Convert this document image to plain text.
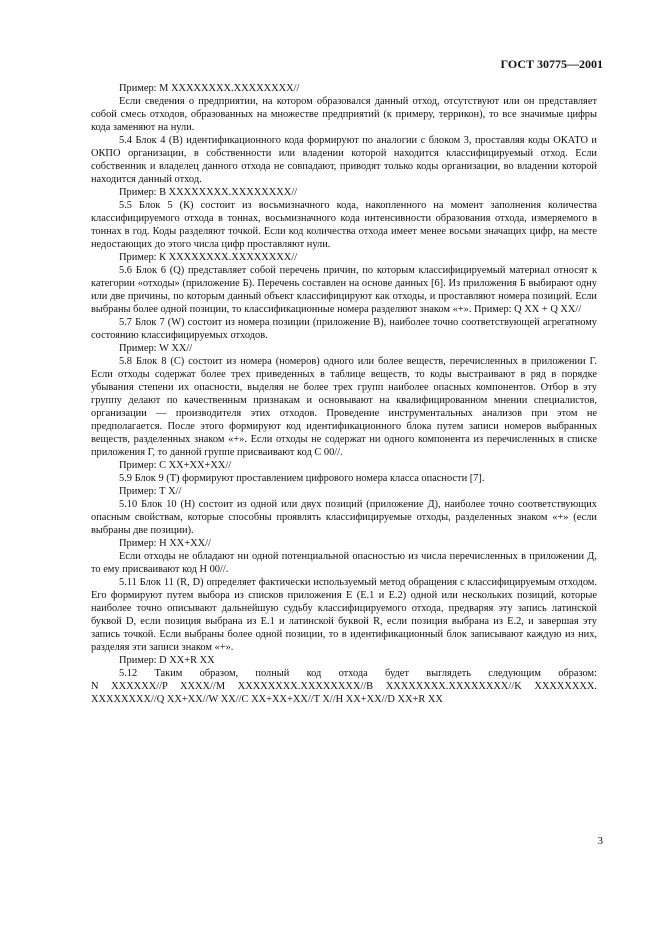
ГОСТ 30775—2001

Пример: М XXXXXXXX.XXXXXXXX//

Если сведения о предприятии, на котором образовался данный отход, отсутствуют или он представляет собой смесь отходов, образованных на множестве предприятий (к примеру, террикон), то все значимые цифры кода заменяют на нули.

5.4 Блок 4 (В) идентификационного кода формируют по аналогии с блоком 3, проставляя коды ОКАТО и ОКПО организации, в собственности или владении которой находится классифицируемый отход. Если собственник и владелец данного отхода не совпадают, приводят только коды организации, во владении которой находится данный отход.

Пример: В XXXXXXXX.XXXXXXXX//

5.5 Блок 5 (К) состоит из восьмизначного кода, накопленного на момент заполнения количества классифицируемого отхода в тоннах, восьмизначного кода интенсивности образования отхода, измеряемого в тоннах в год. Коды разделяют точкой. Если код количества отхода имеет менее восьми значащих цифр, на месте недостающих до этого числа цифр проставляют нули.

Пример: К XXXXXXXX.XXXXXXXX//

5.6 Блок 6 (Q) представляет собой перечень причин, по которым классифицируемый материал относят к категории «отходы» (приложение Б). Перечень составлен на основе данных [6]. Из приложения Б выбирают одну или две причины, по которым данный объект классифицируют как отходы, и проставляют номера позиций. Если выбраны более одной позиции, то классификационные номера разделяют знаком «+». Пример: Q XX + Q XX//

5.7 Блок 7 (W) состоит из номера позиции (приложение В), наиболее точно соответствующей агрегатному состоянию классифицируемых отходов.

Пример: W XX//

5.8 Блок 8 (С) состоит из номера (номеров) одного или более веществ, перечисленных в приложении Г. Если отходы содержат более трех приведенных в таблице веществ, то коды выстраивают в ряд в порядке убывания степени их опасности, выделяя не более трех групп наиболее опасных компонентов. Отбор в эту группу делают по качественным признакам и основывают на квалифицированном мнении специалистов, организации — производителя этих отходов. Проведение инструментальных анализов при этом не предполагается. После этого формируют код идентификационного блока путем записи номеров выбранных веществ, разделенных знаком «+». Если отходы не содержат ни одного компонента из перечисленных в списке приложения Г, то данной группе присваивают код С 00//.

Пример: С XX+XX+XX//

5.9 Блок 9 (Т) формируют проставлением цифрового номера класса опасности [7].

Пример: Т X//

5.10 Блок 10 (Н) состоит из одной или двух позиций (приложение Д), наиболее точно соответствующих опасным свойствам, которые способны проявлять классифицируемые отходы, разделенных знаком «+» (если выбраны две позиции).

Пример: Н XX+XX//

Если отходы не обладают ни одной потенциальной опасностью из числа перечисленных в приложении Д, то ему присваивают код Н 00//.

5.11 Блок 11 (R, D) определяет фактически используемый метод обращения с классифицируемым отходом. Его формируют путем выбора из списков приложения Е (Е.1 и Е.2) одной или нескольких позиций, которые наиболее точно описывают дальнейшую судьбу классифицируемого отхода, предваряя эту запись латинской буквой D, если позиция выбрана из Е.1 и латинской буквой R, если позиция выбрана из Е.2, и завершая эту запись точкой. Если выбраны более одной позиции, то в идентификационный блок записывают каждую из них, разделяя эти записи знаком «+».

Пример: D XX+R XX

5.12 Таким образом, полный код отхода будет выглядеть следующим образом:

N XXXXXX//P XXXX//M XXXXXXXX.XXXXXXXX//B XXXXXXXX.XXXXXXXX//K XXXXXXXX. XXXXXXXX//Q XX+XX//W XX//C XX+XX+XX//T X//H XX+XX//D XX+R XX

3
